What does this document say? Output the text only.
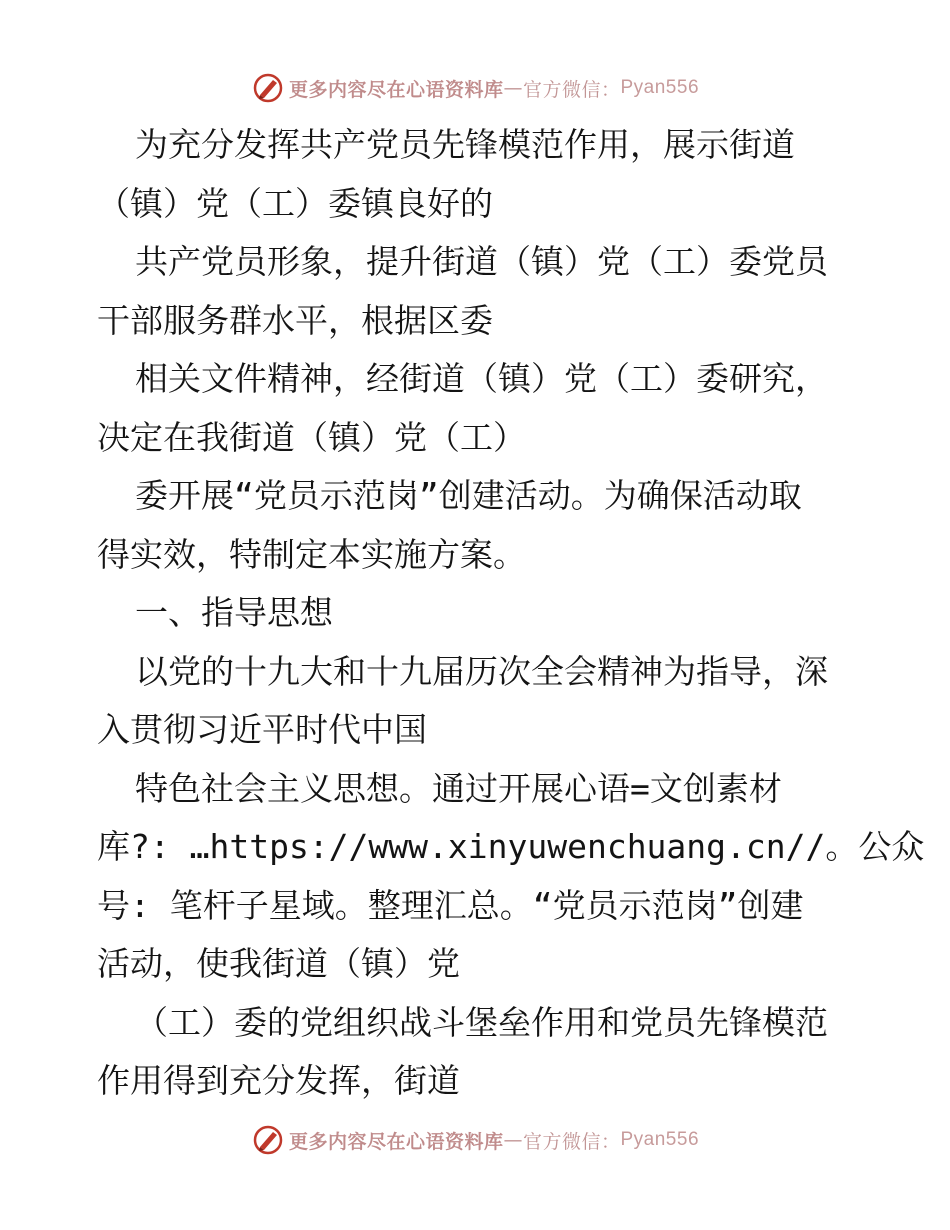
更多内容尽在心语资料库 — 官方微信： Pyan556
为充分发挥共产党员先锋模范作用，展示街道
（镇）党（工）委镇良好的
共产党员形象，提升街道（镇）党（工）委党员
干部服务群水平，根据区委
相关文件精神，经街道（镇）党（工）委研究，
决定在我街道（镇）党（工）
委开展“党员示范岗”创建活动。为确保活动取
得实效，特制定本实施方案。
一、指导思想
以党的十九大和十九届历次全会精神为指导，深
入贯彻习近平时代中国
特色社会主义思想。通过开展心语=文创素材
库?: …https://www.xinyuwenchuang.cn//。公众
号: 笔杆子星域。整理汇总。“党员示范岗”创建
活动，使我街道（镇）党
（工）委的党组织战斗堡垒作用和党员先锋模范
作用得到充分发挥，街道
更多内容尽在心语资料库 — 官方微信： Pyan556
